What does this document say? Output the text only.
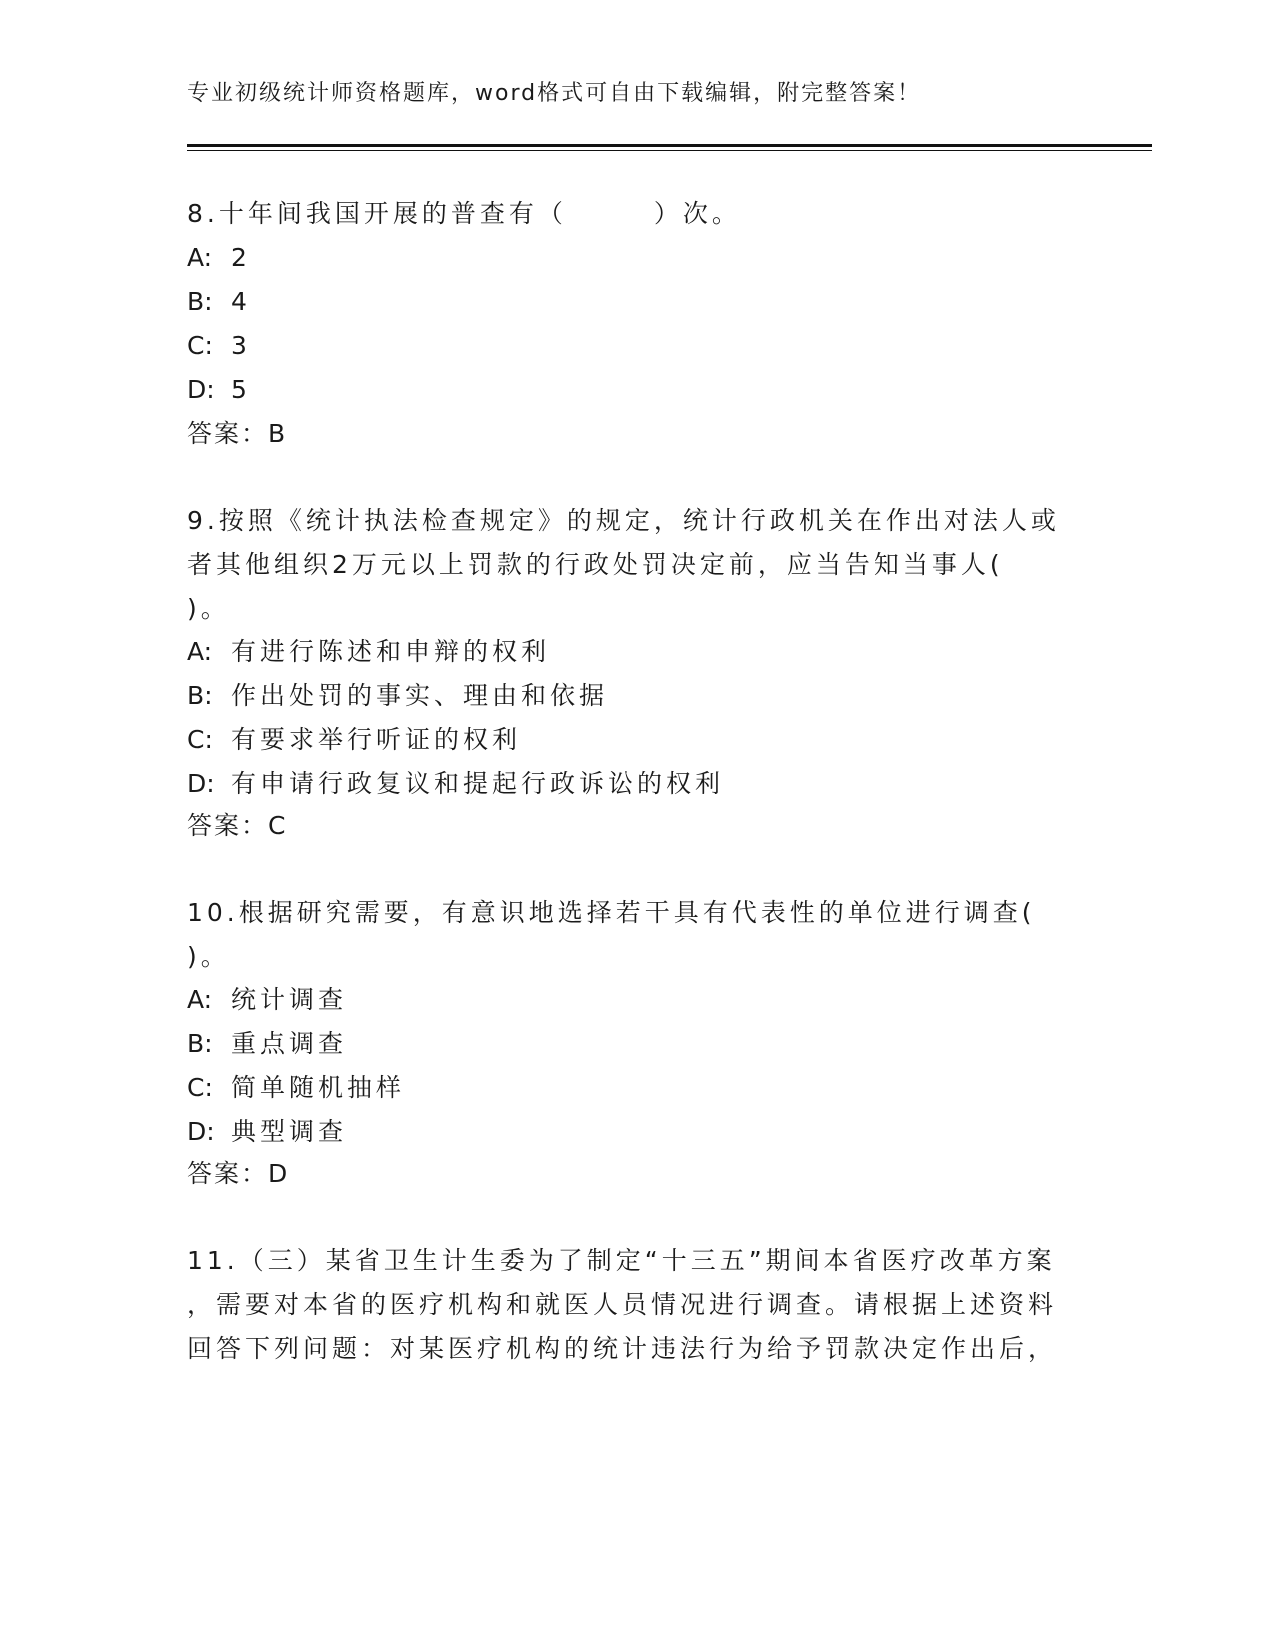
专业初级统计师资格题库，word格式可自由下载编辑，附完整答案！
8.十年间我国开展的普查有（　　　）次。
A: 2
B: 4
C: 3
D: 5
答案：B
9.按照《统计执法检查规定》的规定，统计行政机关在作出对法人或
者其他组织2万元以上罚款的行政处罚决定前，应当告知当事人(
)。
A: 有进行陈述和申辩的权利
B: 作出处罚的事实、理由和依据
C: 有要求举行听证的权利
D: 有申请行政复议和提起行政诉讼的权利
答案：C
10.根据研究需要，有意识地选择若干具有代表性的单位进行调查(
)。
A: 统计调查
B: 重点调查
C: 简单随机抽样
D: 典型调查
答案：D
11.（三）某省卫生计生委为了制定“十三五”期间本省医疗改革方案
，需要对本省的医疗机构和就医人员情况进行调查。请根据上述资料
回答下列问题：对某医疗机构的统计违法行为给予罚款决定作出后，
